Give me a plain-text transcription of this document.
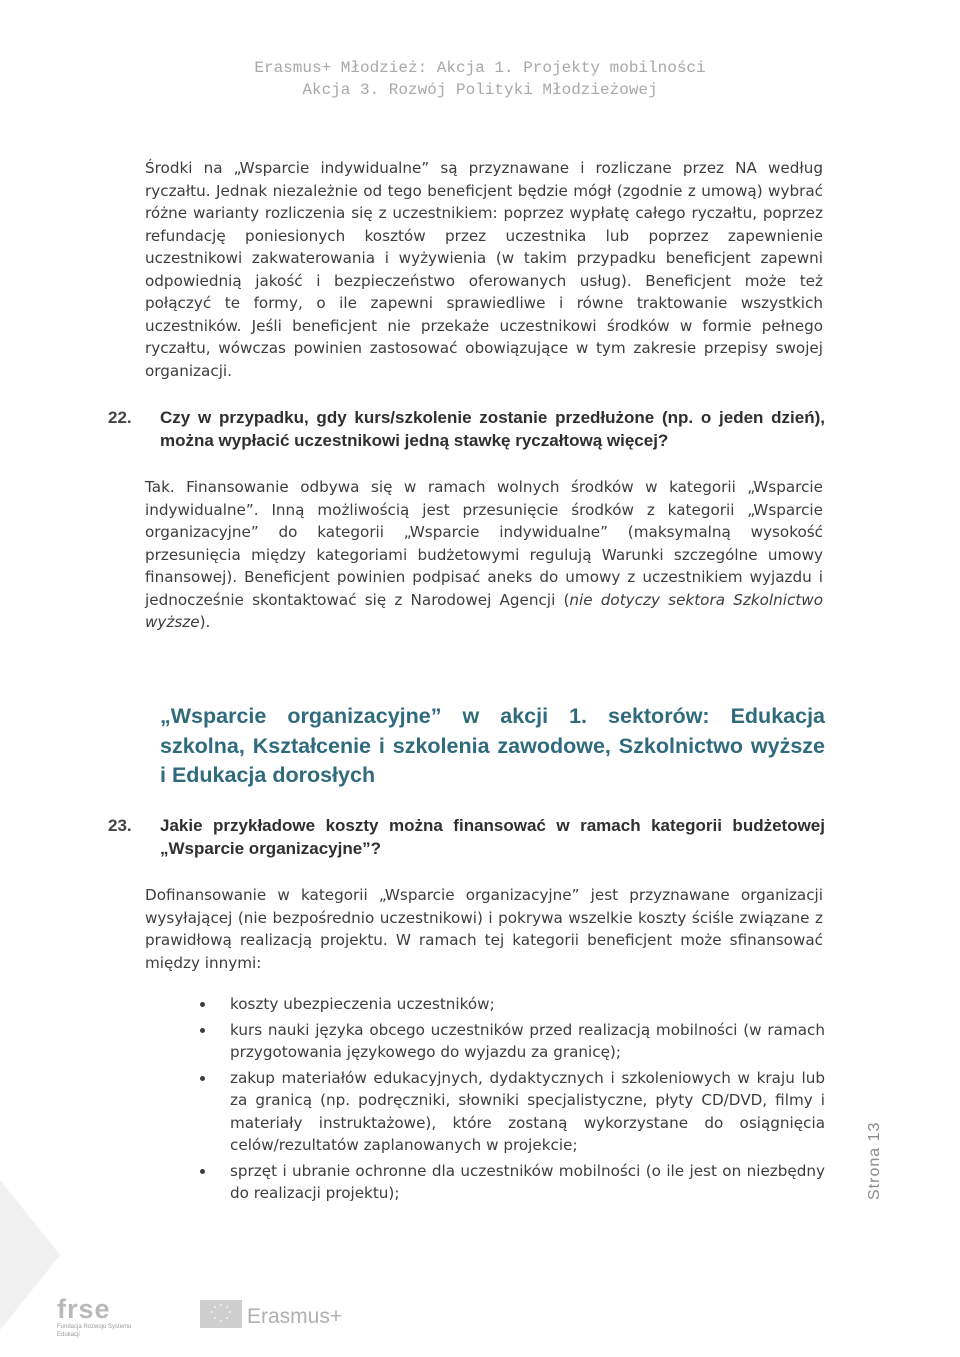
Erasmus+ Młodzież: Akcja 1. Projekty mobilności
Akcja 3. Rozwój Polityki Młodzieżowej

Środki na „Wsparcie indywidualne” są przyznawane i rozliczane przez NA według ryczałtu. Jednak niezależnie od tego beneficjent będzie mógł (zgodnie z umową) wybrać różne warianty rozliczenia się z uczestnikiem: poprzez wypłatę całego ryczałtu, poprzez refundację poniesionych kosztów przez uczestnika lub poprzez zapewnienie uczestnikowi zakwaterowania i wyżywienia (w takim przypadku beneficjent zapewni odpowiednią jakość i bezpieczeństwo oferowanych usług). Beneficjent może też połączyć te formy, o ile zapewni sprawiedliwe i równe traktowanie wszystkich uczestników. Jeśli beneficjent nie przekaże uczestnikowi środków w formie pełnego ryczałtu, wówczas powinien zastosować obowiązujące w tym zakresie przepisy swojej organizacji.

22. Czy w przypadku, gdy kurs/szkolenie zostanie przedłużone (np. o jeden dzień), można wypłacić uczestnikowi jedną stawkę ryczałtową więcej?

Tak. Finansowanie odbywa się w ramach wolnych środków w kategorii „Wsparcie indywidualne”. Inną możliwością jest przesunięcie środków z kategorii „Wsparcie organizacyjne” do kategorii „Wsparcie indywidualne” (maksymalną wysokość przesunięcia między kategoriami budżetowymi regulują Warunki szczególne umowy finansowej). Beneficjent powinien podpisać aneks do umowy z uczestnikiem wyjazdu i jednocześnie skontaktować się z Narodowej Agencji (nie dotyczy sektora Szkolnictwo wyższe).

„Wsparcie organizacyjne” w akcji 1. sektorów: Edukacja szkolna, Kształcenie i szkolenia zawodowe, Szkolnictwo wyższe i Edukacja dorosłych
23. Jakie przykładowe koszty można finansować w ramach kategorii budżetowej „Wsparcie organizacyjne”?

Dofinansowanie w kategorii „Wsparcie organizacyjne” jest przyznawane organizacji wysyłającej (nie bezpośrednio uczestnikowi) i pokrywa wszelkie koszty ściśle związane z prawidłową realizacją projektu. W ramach tej kategorii beneficjent może sfinansować między innymi:

koszty ubezpieczenia uczestników;
kurs nauki języka obcego uczestników przed realizacją mobilności (w ramach przygotowania językowego do wyjazdu za granicę);
zakup materiałów edukacyjnych, dydaktycznych i szkoleniowych w kraju lub za granicą (np. podręczniki, słowniki specjalistyczne, płyty CD/DVD, filmy i materiały instruktażowe), które zostaną wykorzystane do osiągnięcia celów/rezultatów zaplanowanych w projekcie;
sprzęt i ubranie ochronne dla uczestników mobilności (o ile jest on niezbędny do realizacji projektu);	Strona 13
frse
Fundacja Rozwoju Systemu Edukacji
Erasmus+
